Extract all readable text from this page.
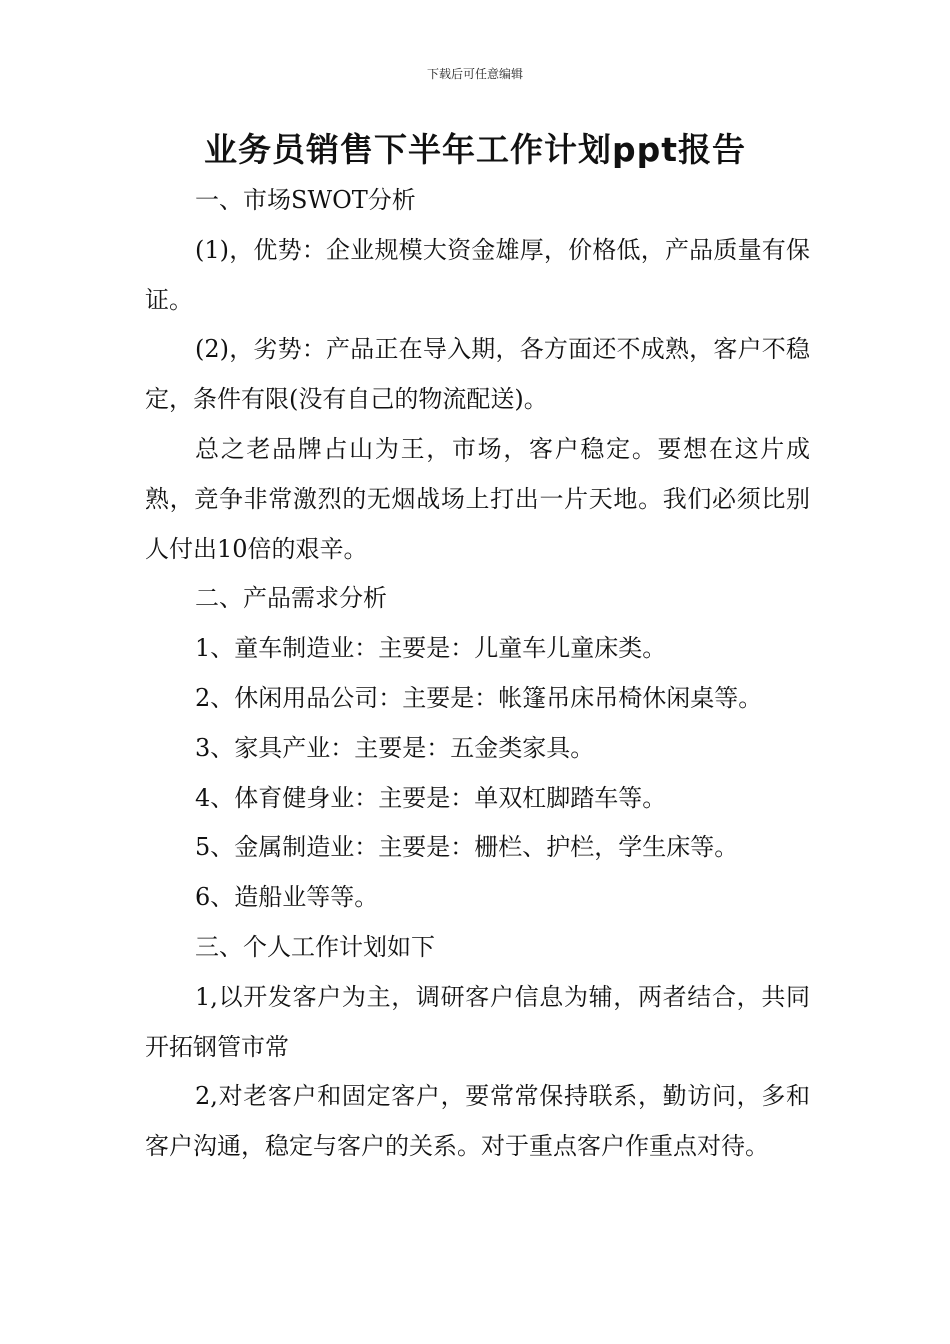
下载后可任意编辑
业务员销售下半年工作计划ppt报告

一、市场SWOT分析

(1)，优势：企业规模大资金雄厚，价格低，产品质量有保证。

(2)，劣势：产品正在导入期，各方面还不成熟，客户不稳定，条件有限(没有自己的物流配送)。

总之老品牌占山为王，市场，客户稳定。要想在这片成熟，竞争非常激烈的无烟战场上打出一片天地。我们必须比别人付出10倍的艰辛。

二、产品需求分析

1、童车制造业：主要是：儿童车儿童床类。

2、休闲用品公司：主要是：帐篷吊床吊椅休闲桌等。

3、家具产业：主要是：五金类家具。

4、体育健身业：主要是：单双杠脚踏车等。

5、金属制造业：主要是：栅栏、护栏，学生床等。

6、造船业等等。

三、个人工作计划如下

1,以开发客户为主，调研客户信息为辅，两者结合，共同开拓钢管市常

2,对老客户和固定客户，要常常保持联系，勤访问，多和客户沟通，稳定与客户的关系。对于重点客户作重点对待。
